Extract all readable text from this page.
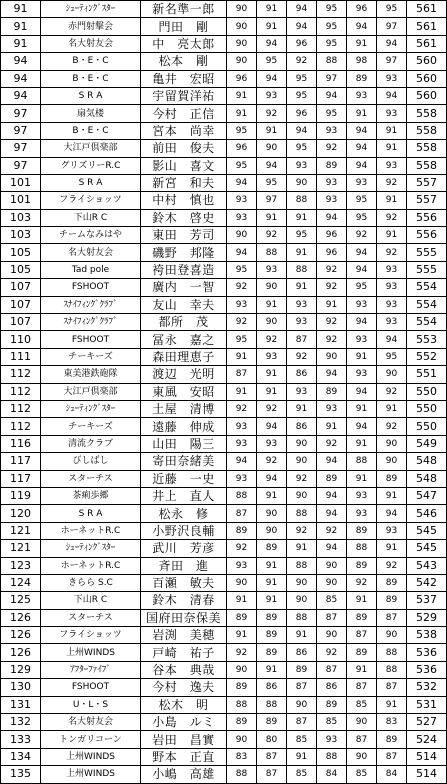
91	ｼｭｰﾃｨﾝｸﾞｽﾀｰ	新名準一郎	90	91	94	95	96	95	561
91	赤門射撃会	門田　剛	90	91	94	95	94	97	561
91	名大射友会	中　亮太郎	90	94	96	95	91	94	561
94	B・E・C	松本　剛	90	95	92	88	98	97	560
94	B・E・C	亀井　宏昭	96	94	95	97	89	93	560
94	S R A	宇留賀洋祐	91	93	95	94	93	94	560
97	扇気楼	今村　正信	91	92	96	95	91	93	558
97	B・E・C	宮本　尚幸	95	91	94	93	94	91	558
97	大江戸倶楽部	前田　俊夫	96	90	95	92	94	91	558
97	グリズリーR.C	影山　喜文	95	94	93	89	94	93	558
101	S R A	新宮　和夫	94	95	90	93	93	92	557
101	フライショッツ	中村　慎也	93	97	88	93	95	91	557
103	下山R C	鈴木　啓史	93	91	91	94	95	92	556
103	チームなみはや	東田　芳司	90	92	95	96	92	91	556
105	名大射友会	磯野　邦隆	94	88	91	96	94	92	555
105	Tad pole	袴田登喜造	95	93	88	92	94	93	555
107	FSHOOT	廣内　一智	92	90	91	92	95	93	554
107	ｽﾅｲﾌｨﾝｸﾞｸﾗﾌﾞ	友山　幸夫	93	91	93	91	93	93	554
107	ｽﾅｲﾌｨﾝｸﾞｸﾗﾌﾞ	都所　茂	92	90	93	92	94	93	554
110	FSHOOT	冨永　嘉之	95	92	87	92	93	94	553
111	チーキーズ	森田理恵子	91	93	92	90	91	95	552
112	東美港鉄砲隊	渡辺　光明	87	91	86	94	93	90	551
112	大江戸倶楽部	東風　安昭	91	91	93	89	94	92	550
112	ｼｭｰﾃｨﾝｸﾞｽﾀｰ	土屋　清博	92	92	91	93	91	91	550
112	チーキーズ	遠藤　伸成	93	94	86	91	94	92	550
116	清流クラブ	山田　陽三	93	93	90	92	91	90	549
117	びしばし	寄田奈緒美	94	92	90	94	88	90	548
117	スターチス	近藤　一史	93	94	92	89	91	89	548
119	茶痢歩郷	井上　直人	88	91	90	94	93	91	547
120	S R A	松永　修	87	90	88	94	93	94	546
121	ホーネットR.C	小野沢良輔	89	90	92	92	89	93	545
121	ｼｭｰﾃｨﾝｸﾞｽﾀｰ	武川　芳彦	92	89	91	94	88	91	545
123	ホーネットR.C	斉田　進	93	91	88	90	89	92	543
124	きらら S.C	百瀬　敏夫	90	91	90	90	92	89	542
125	下山R C	鈴木　清春	91	91	90	85	91	89	537
126	スターチス	国府田奈保美	89	89	88	87	89	87	529
126	フライショッツ	岩渕　美穂	91	89	91	90	87	90	538
126	上州WINDS	戸崎　祐子	92	89	86	92	89	88	536
129	ｱﾌﾀｰﾌｧｲﾌﾞ	谷本　典哉	90	91	89	87	91	88	536
130	FSHOOT	今村　逸夫	89	86	87	86	87	87	532
131	U・L・S	松木　明	88	88	90	89	85	91	531
132	名大射友会	小島　ルミ	89	89	87	85	90	83	527
133	トンガリコーン	岩田　昌實	90	80	85	93	87	89	524
134	上州WINDS	野本　正直	83	87	91	88	90	87	514
135	上州WINDS	小嶋　高雄	88	87	85	84	85	84	514
